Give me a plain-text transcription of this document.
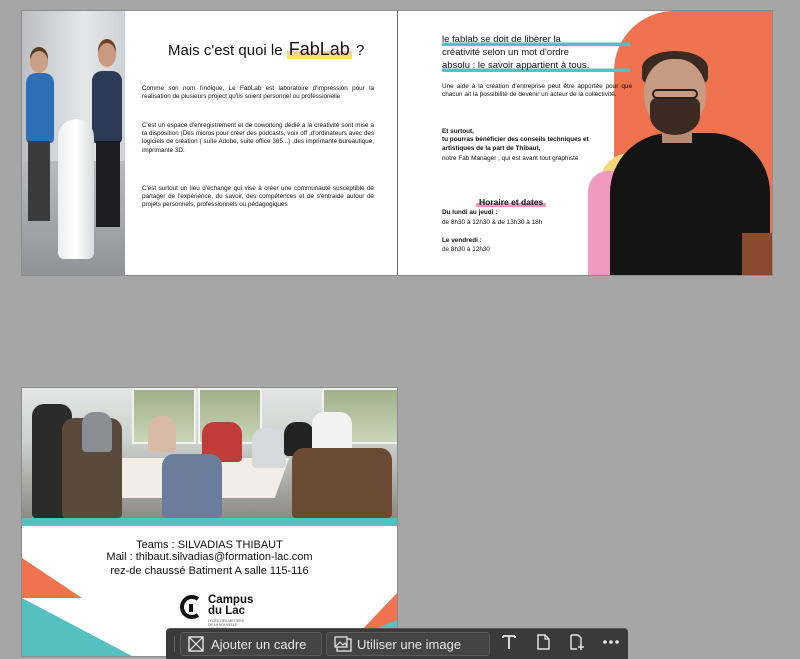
Mais c'est quoi le FabLab ?
Comme son nom l'indique, Le FabLab est laboratoire d'impression pour la realisation de plusieurs project qu'ils soient personnel ou professionelle
C'est un espace d'enregistrement et de coworking dédié a la créativité sont mise a ta disposition (Des micros pour créer des podcasts, voix off ,d'ordinateurs avec des logiciels de création ( suite Adobe, suite office 365...) ,des imprimante bureautique, imprimante 3D.
C'est surtout un lieu d'échange qui vise à créer une communauté susceptible de partager de l'expérience, du savoir, des compétences et de s'entraide autour de projets personnels, professionnels ou pédagogiques
le fablab se doit de libèrer la
créativité selon un mot d'ordre
absolu : le savoir appartient à tous.
Une aide à la création d'entreprise peut être apportée pour que chacun ait la possibilité de devenir un acteur de la collectivité.
Et surtout,
tu pourras bénéficier des conseils techniques et
artistiques de la part de Thibaut,
notre Fab Manager , qui est avant tout graphiste
Horaire et dates
Du lundi au jeudi :
de 8h30 à 12h30 & de 13h30 à 18h
Le vendredi :
de 8h30 à 12h30
Teams : SILVADIAS THIBAUT
Mail : thibaut.silvadias@formation-lac.com
rez-de chaussé Batiment A salle 115-116
Campus
du Lac
LYCÉE DES MÉTIERS DE LA NOUVELLE
Ajouter un cadre	Utiliser une image
